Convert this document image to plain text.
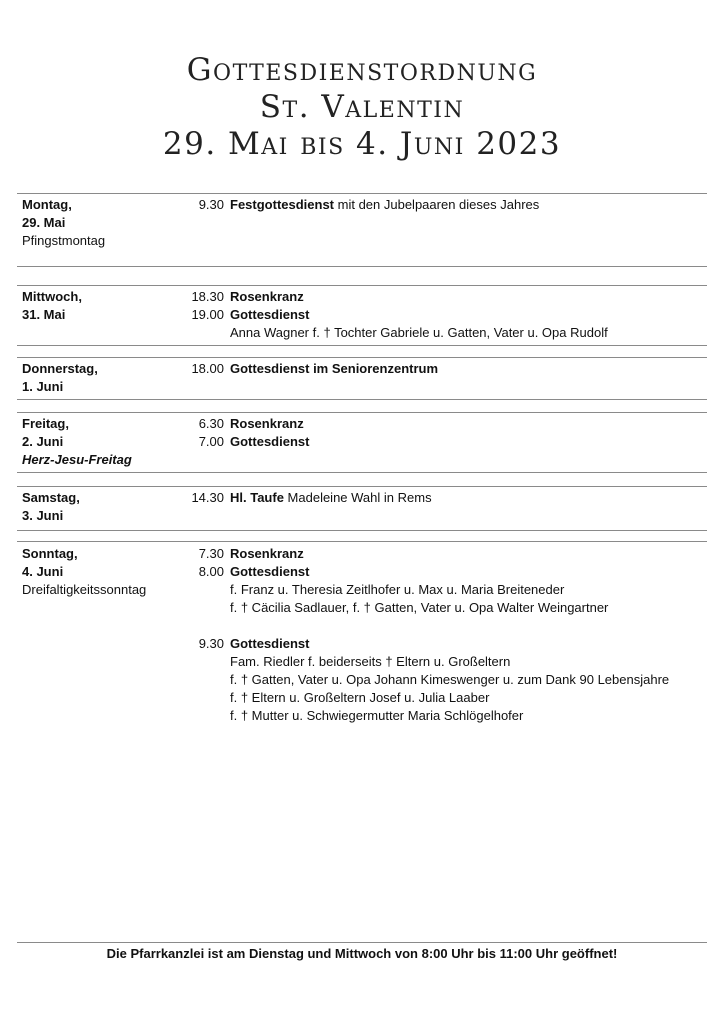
Gottesdienstordnung
St. Valentin
29. Mai bis 4. Juni 2023
Montag,
29. Mai
Pfingstmontag
9.30 Festgottesdienst mit den Jubelpaaren dieses Jahres
Mittwoch,
31. Mai
18.30 Rosenkranz
19.00 Gottesdienst
Anna Wagner f. † Tochter Gabriele u. Gatten, Vater u. Opa Rudolf
Donnerstag,
1. Juni
18.00 Gottesdienst im Seniorenzentrum
Freitag,
2. Juni
Herz-Jesu-Freitag
6.30 Rosenkranz
7.00 Gottesdienst
Samstag,
3. Juni
14.30 Hl. Taufe Madeleine Wahl in Rems
Sonntag,
4. Juni
Dreifaltigkeitssonntag
7.30 Rosenkranz
8.00 Gottesdienst
f. Franz u. Theresia Zeitlhofer u. Max u. Maria Breiteneder
f. † Cäcilia Sadlauer, f. † Gatten, Vater u. Opa Walter Weingartner
9.30 Gottesdienst
Fam. Riedler f. beiderseits † Eltern u. Großeltern
f. † Gatten, Vater u. Opa Johann Kimeswenger u. zum Dank 90 Lebensjahre
f. † Eltern u. Großeltern Josef u. Julia Laaber
f. † Mutter u. Schwiegermutter Maria Schlögelhofer
Die Pfarrkanzlei ist am Dienstag und Mittwoch von 8:00 Uhr bis 11:00 Uhr geöffnet!
